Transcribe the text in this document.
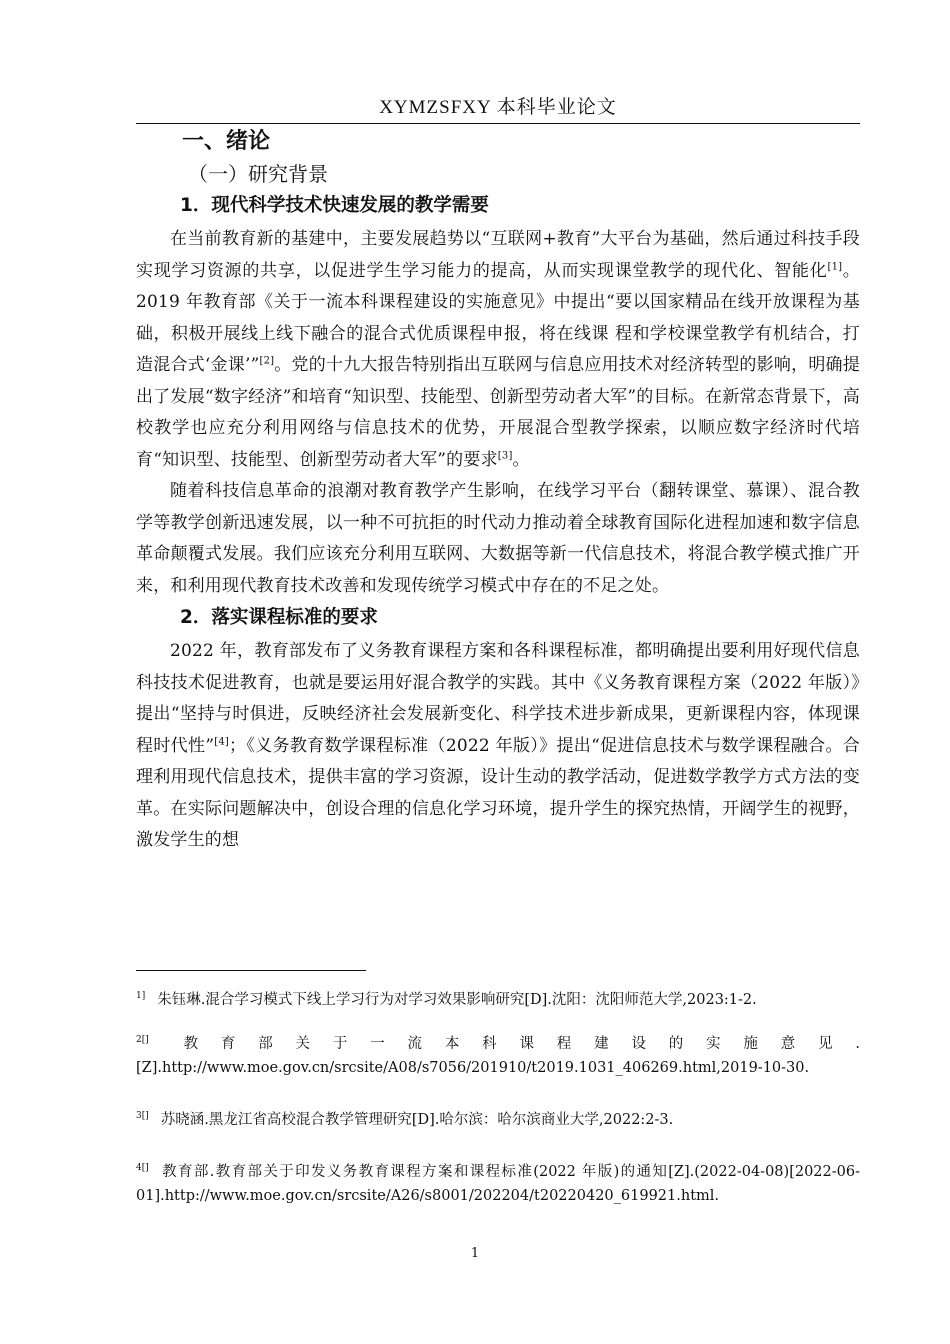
XYMZSFXY 本科毕业论文
一、绪论
（一）研究背景
1．现代科学技术快速发展的教学需要

在当前教育新的基建中，主要发展趋势以“互联网+教育”大平台为基础，然后通过科技手段实现学习资源的共享，以促进学生学习能力的提高，从而实现课堂教学的现代化、智能化[1]。2019 年教育部《关于一流本科课程建设的实施意见》中提出“要以国家精品在线开放课程为基础，积极开展线上线下融合的混合式优质课程申报，将在线课 程和学校课堂教学有机结合，打造混合式‘金课’”[2]。党的十九大报告特别指出互联网与信息应用技术对经济转型的影响，明确提出了发展“数字经济”和培育“知识型、技能型、创新型劳动者大军”的目标。在新常态背景下，高校教学也应充分利用网络与信息技术的优势，开展混合型教学探索，以顺应数字经济时代培育“知识型、技能型、创新型劳动者大军”的要求[3]。

随着科技信息革命的浪潮对教育教学产生影响，在线学习平台（翻转课堂、慕课）、混合教学等教学创新迅速发展，以一种不可抗拒的时代动力推动着全球教育国际化进程加速和数字信息革命颠覆式发展。我们应该充分利用互联网、大数据等新一代信息技术，将混合教学模式推广开来，和利用现代教育技术改善和发现传统学习模式中存在的不足之处。

2．落实课程标准的要求

2022 年，教育部发布了义务教育课程方案和各科课程标准，都明确提出要利用好现代信息科技技术促进教育，也就是要运用好混合教学的实践。其中《义务教育课程方案（2022 年版）》提出“坚持与时俱进，反映经济社会发展新变化、科学技术进步新成果，更新课程内容，体现课程时代性”[4]；《义务教育数学课程标准（2022 年版）》提出“促进信息技术与数学课程融合。合理利用现代信息技术，提供丰富的学习资源，设计生动的教学活动，促进数学教学方式方法的变革。在实际问题解决中，创设合理的信息化学习环境，提升学生的探究热情，开阔学生的视野，激发学生的想

$^{1]}$ 朱钰琳.混合学习模式下线上学习行为对学习效果影响研究[D].沈阳：沈阳师范大学,2023:1-2.

$^{2[]}$ 教育部关于一流本科课程建设的实施意见.[Z].http://www.moe.gov.cn/srcsite/A08/s7056/201910/t2019.1031_406269.html,2019-10-30.

$^{3[]}$ 苏晓涵.黑龙江省高校混合教学管理研究[D].哈尔滨：哈尔滨商业大学,2022:2-3.

$^{4[]}$ 教育部.教育部关于印发义务教育课程方案和课程标准(2022 年版)的通知[Z].(2022-04-08)[2022-06-01].http://www.moe.gov.cn/srcsite/A26/s8001/202204/t20220420_619921.html.

1
